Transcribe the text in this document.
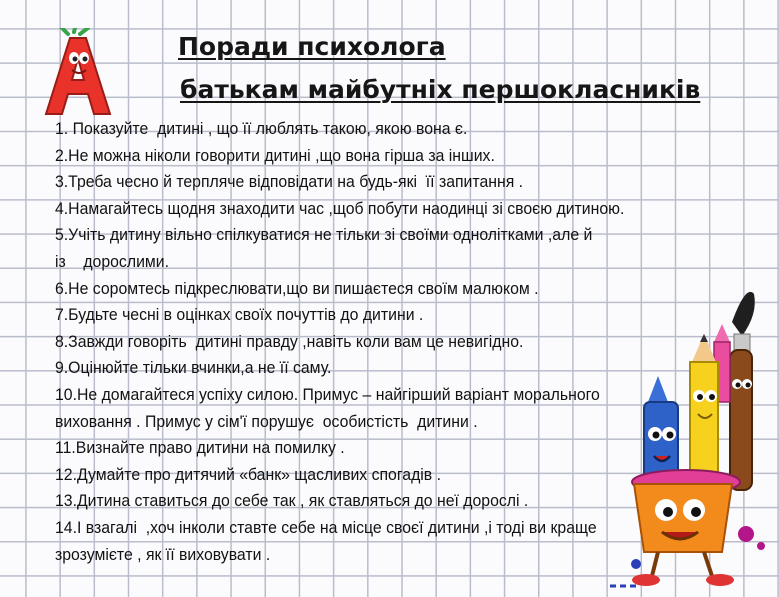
А	Поради психолога
батькам майбутніх першокласників
1. Показуйте  дитині , що її люблять такою, якою вона є.
2.Не можна ніколи говорити дитині ,що вона гірша за інших.
3.Треба чесно й терпляче відповідати на будь-які  її запитання .
4.Намагайтесь щодня знаходити час ,щоб побути наодинці зі своєю дитиною.
5.Учіть дитину вільно спілкуватися не тільки зі своїми однолітками ,але й
із    дорослими.
6.Не соромтесь підкреслювати,що ви пишаєтеся своїм малюком .
7.Будьте чесні в оцінках своїх почуттів до дитини .
8.Завжди говоріть  дитині правду ,навіть коли вам це невигідно.
9.Оцінюйте тільки вчинки,а не її саму.
10.Не домагайтеся успіху силою. Примус – найгірший варіант морального
виховання . Примус у сім'ї порушує  особистість  дитини .
11.Визнайте право дитини на помилку .
12.Думайте про дитячий «банк» щасливих спогадів .
13.Дитина ставиться до себе так , як ставляться до неї дорослі .
14.І взагалі  ,хоч інколи ставте себе на місце своєї дитини ,і тоді ви краще
зрозумієте , як її виховувати .
